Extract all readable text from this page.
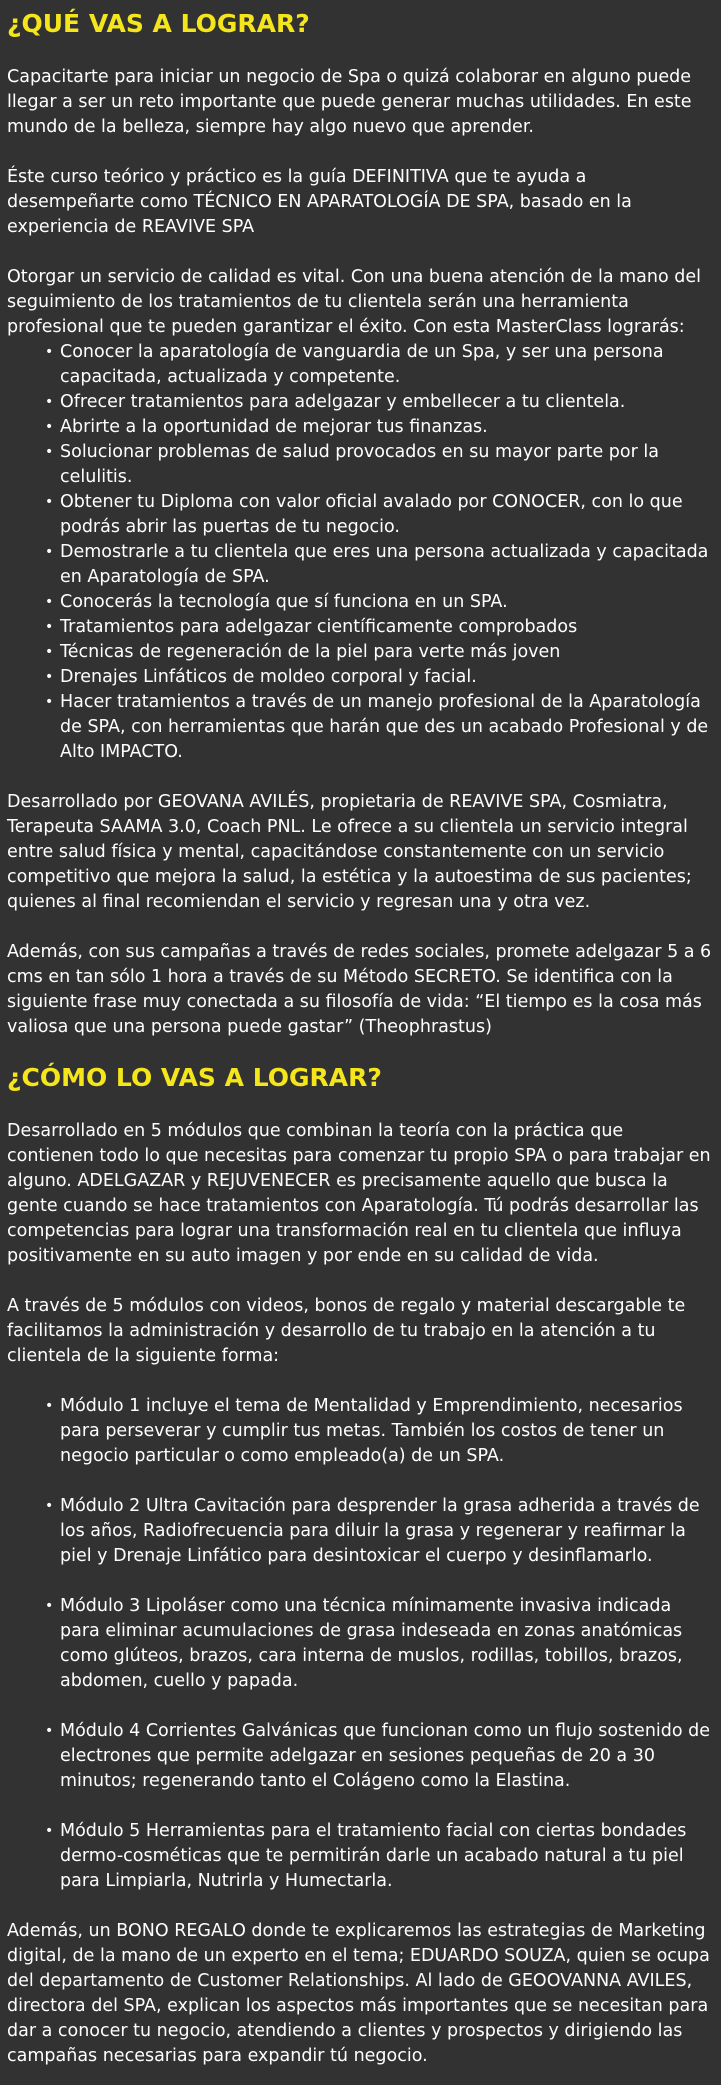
¿QUÉ VAS A LOGRAR?

Capacitarte para iniciar un negocio de Spa o quizá colaborar en alguno puede llegar a ser un reto importante que puede generar muchas utilidades. En este mundo de la belleza, siempre hay algo nuevo que aprender.

Éste curso teórico y práctico es la guía DEFINITIVA que te ayuda a desempeñarte como TÉCNICO EN APARATOLOGÍA DE SPA, basado en la experiencia de REAVIVE SPA

Otorgar un servicio de calidad es vital. Con una buena atención de la mano del seguimiento de los tratamientos de tu clientela serán una herramienta profesional que te pueden garantizar el éxito. Con esta MasterClass lograrás:

• Conocer la aparatología de vanguardia de un Spa, y ser una persona capacitada, actualizada y competente.
• Ofrecer tratamientos para adelgazar y embellecer a tu clientela.
• Abrirte a la oportunidad de mejorar tus finanzas.
• Solucionar problemas de salud provocados en su mayor parte por la celulitis.
• Obtener tu Diploma con valor oficial avalado por CONOCER, con lo que podrás abrir las puertas de tu negocio.
• Demostrarle a tu clientela que eres una persona actualizada y capacitada en Aparatología de SPA.
• Conocerás la tecnología que sí funciona en un SPA.
• Tratamientos para adelgazar científicamente comprobados
• Técnicas de regeneración de la piel para verte más joven
• Drenajes Linfáticos de moldeo corporal y facial.
• Hacer tratamientos a través de un manejo profesional de la Aparatología de SPA, con herramientas que harán que des un acabado Profesional y de Alto IMPACTO.

Desarrollado por GEOVANA AVILÉS, propietaria de REAVIVE SPA, Cosmiatra, Terapeuta SAAMA 3.0, Coach PNL. Le ofrece a su clientela un servicio integral entre salud física y mental, capacitándose constantemente con un servicio competitivo que mejora la salud, la estética y la autoestima de sus pacientes; quienes al final recomiendan el servicio y regresan una y otra vez.

Además, con sus campañas a través de redes sociales, promete adelgazar 5 a 6 cms en tan sólo 1 hora a través de su Método SECRETO. Se identifica con la siguiente frase muy conectada a su filosofía de vida: “El tiempo es la cosa más valiosa que una persona puede gastar” (Theophrastus)

¿CÓMO LO VAS A LOGRAR?

Desarrollado en 5 módulos que combinan la teoría con la práctica que contienen todo lo que necesitas para comenzar tu propio SPA o para trabajar en alguno. ADELGAZAR y REJUVENECER es precisamente aquello que busca la gente cuando se hace tratamientos con Aparatología. Tú podrás desarrollar las competencias para lograr una transformación real en tu clientela que influya positivamente en su auto imagen y por ende en su calidad de vida.

A través de 5 módulos con videos, bonos de regalo y material descargable te facilitamos la administración y desarrollo de tu trabajo en la atención a tu clientela de la siguiente forma:

• Módulo 1 incluye el tema de Mentalidad y Emprendimiento, necesarios para perseverar y cumplir tus metas. También los costos de tener un negocio particular o como empleado(a) de un SPA.
• Módulo 2 Ultra Cavitación para desprender la grasa adherida a través de los años, Radiofrecuencia para diluir la grasa y regenerar y reafirmar la piel y Drenaje Linfático para desintoxicar el cuerpo y desinflamarlo.
• Módulo 3 Lipoláser como una técnica mínimamente invasiva indicada para eliminar acumulaciones de grasa indeseada en zonas anatómicas como glúteos, brazos, cara interna de muslos, rodillas, tobillos, brazos, abdomen, cuello y papada.
• Módulo 4 Corrientes Galvánicas que funcionan como un flujo sostenido de electrones que permite adelgazar en sesiones pequeñas de 20 a 30 minutos; regenerando tanto el Colágeno como la Elastina.
• Módulo 5 Herramientas para el tratamiento facial con ciertas bondades dermo-cosméticas que te permitirán darle un acabado natural a tu piel para Limpiarla, Nutrirla y Humectarla.

Además, un BONO REGALO donde te explicaremos las estrategias de Marketing digital, de la mano de un experto en el tema; EDUARDO SOUZA, quien se ocupa del departamento de Customer Relationships. Al lado de GEOOVANNA AVILES, directora del SPA, explican los aspectos más importantes que se necesitan para dar a conocer tu negocio, atendiendo a clientes y prospectos y dirigiendo las campañas necesarias para expandir tú negocio.
